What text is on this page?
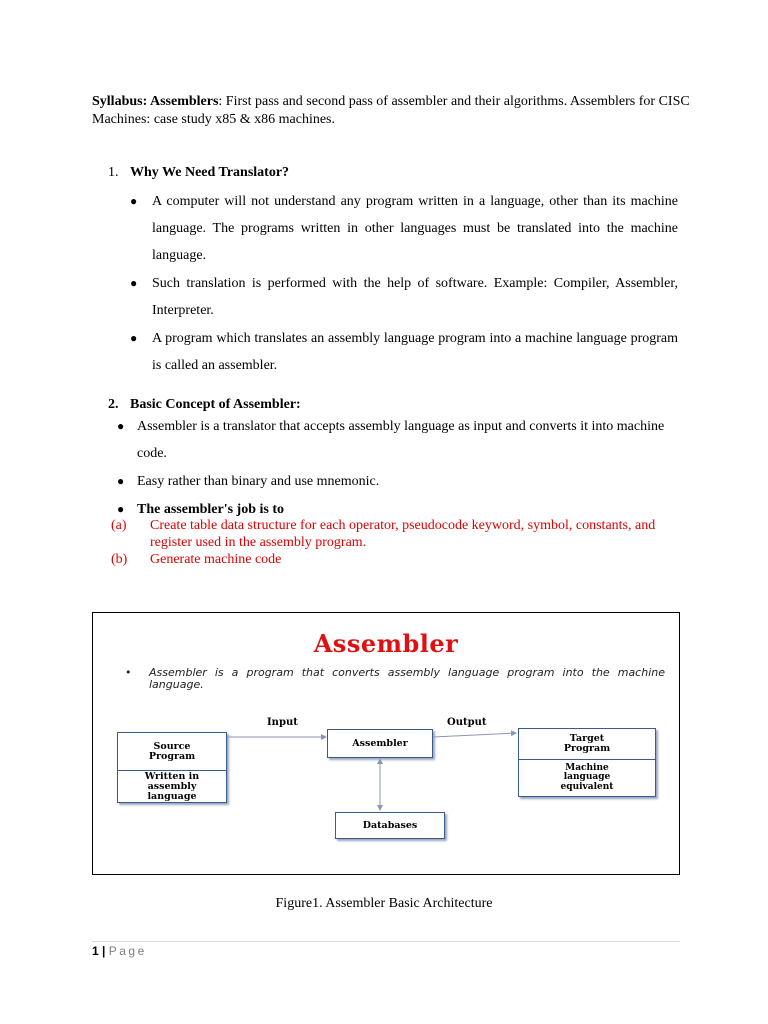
Syllabus: Assemblers: First pass and second pass of assembler and their algorithms. Assemblers for CISC Machines: case study x85 & x86 machines.
1. Why We Need Translator?
● A computer will not understand any program written in a language, other than its machine language. The programs written in other languages must be translated into the machine language.
● Such translation is performed with the help of software. Example: Compiler, Assembler, Interpreter.
● A program which translates an assembly language program into a machine language program is called an assembler.
2. Basic Concept of Assembler:
● Assembler is a translator that accepts assembly language as input and converts it into machine code.
● Easy rather than binary and use mnemonic.
● The assembler's job is to
(a)	Create table data structure for each operator, pseudocode keyword, symbol, constants, and register used in the assembly program.
(b)	Generate machine code
Assembler
•	Assembler is a program that converts assembly language program into the machine language.
Input	Output
Source Program
Written in assembly language
Assembler	Target Program
Machine language equivalent
Databases
Figure1. Assembler Basic Architecture
1 | Page
